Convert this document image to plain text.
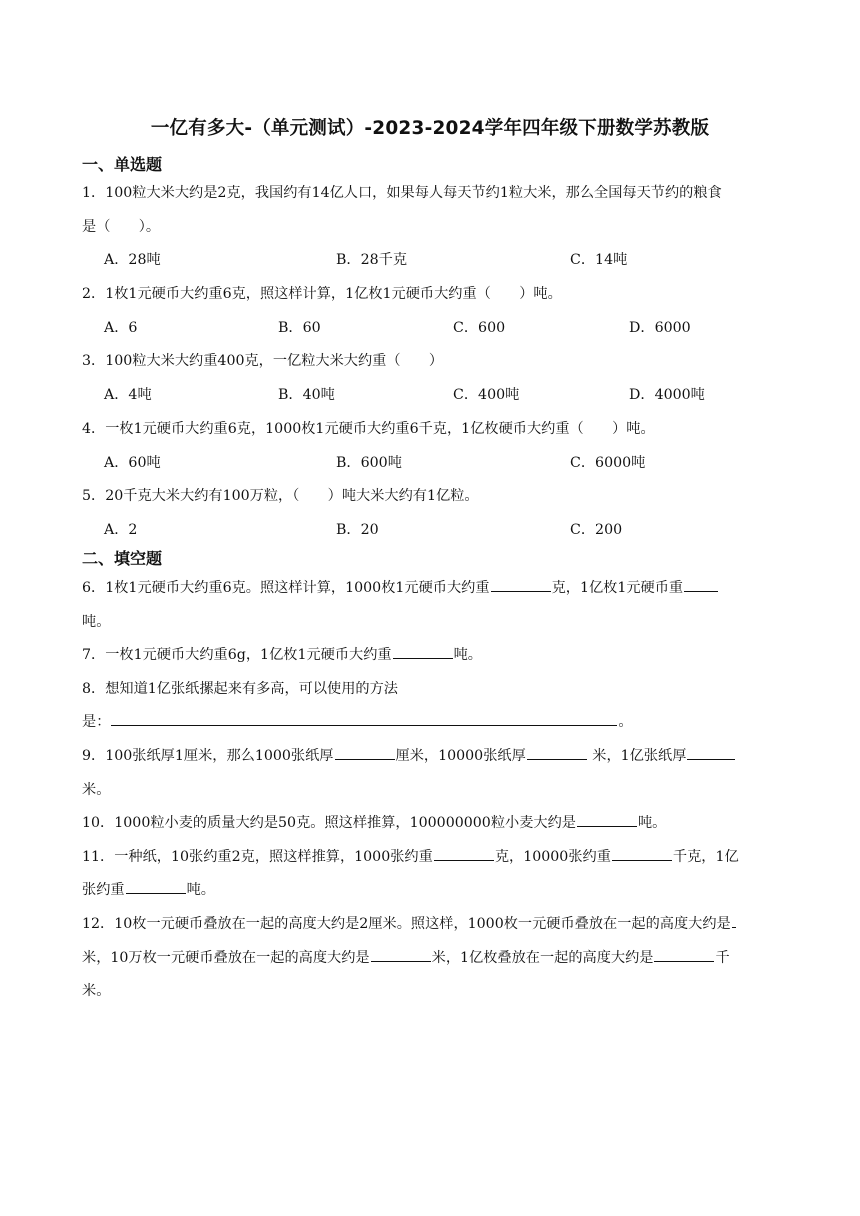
一亿有多大-（单元测试）-2023-2024学年四年级下册数学苏教版
一、单选题
1．100粒大米大约是2克，我国约有14亿人口，如果每人每天节约1粒大米，那么全国每天节约的粮食
是（　　）。
A．28吨	B．28千克	C．14吨
2．1枚1元硬币大约重6克，照这样计算，1亿枚1元硬币大约重（　　）吨。
A．6	B．60	C．600	D．6000
3．100粒大米大约重400克，一亿粒大米大约重（　　）
A．4吨	B．40吨	C．400吨	D．4000吨
4．一枚1元硬币大约重6克，1000枚1元硬币大约重6千克，1亿枚硬币大约重（　　）吨。
A．60吨	B．600吨	C．6000吨
5．20千克大米大约有100万粒，（　　）吨大米大约有1亿粒。
A．2	B．20	C．200
二、填空题
6．1枚1元硬币大约重6克。照这样计算，1000枚1元硬币大约重	克，1亿枚1元硬币重
吨。
7．一枚1元硬币大约重6g，1亿枚1元硬币大约重	吨。
8．想知道1亿张纸摞起来有多高，可以使用的方法
是：	。
9．100张纸厚1厘米，那么1000张纸厚	厘米，10000张纸厚	米，1亿张纸厚
米。
10．1000粒小麦的质量大约是50克。照这样推算，100000000粒小麦大约是	吨。
11．一种纸，10张约重2克，照这样推算，1000张约重	克，10000张约重	千克，1亿
张约重	吨。
12．10枚一元硬币叠放在一起的高度大约是2厘米。照这样，1000枚一元硬币叠放在一起的高度大约是
米，10万枚一元硬币叠放在一起的高度大约是	米，1亿枚叠放在一起的高度大约是	千
米。
